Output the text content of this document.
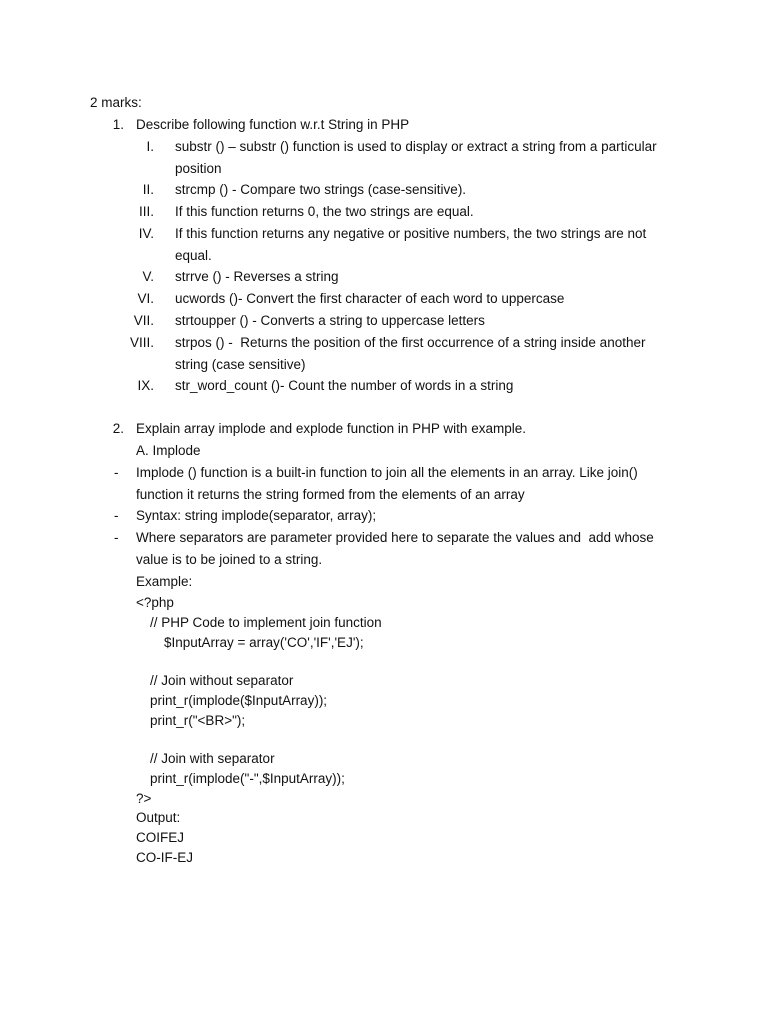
2 marks:
1. Describe following function w.r.t String in PHP
I. substr () – substr () function is used to display or extract a string from a particular
position
II. strcmp () - Compare two strings (case-sensitive).
III. If this function returns 0, the two strings are equal.
IV. If this function returns any negative or positive numbers, the two strings are not
equal.
V. strrve () - Reverses a string
VI. ucwords ()- Convert the first character of each word to uppercase
VII. strtoupper () - Converts a string to uppercase letters
VIII. strpos () -  Returns the position of the first occurrence of a string inside another
string (case sensitive)
IX. str_word_count ()- Count the number of words in a string
2. Explain array implode and explode function in PHP with example.
A. Implode
- Implode () function is a built-in function to join all the elements in an array. Like join()
function it returns the string formed from the elements of an array
- Syntax: string implode(separator, array);
- Where separators are parameter provided here to separate the values and  add whose
value is to be joined to a string.
Example:
<?php
// PHP Code to implement join function
$InputArray = array('CO','IF','EJ');
// Join without separator
print_r(implode($InputArray));
print_r("<BR>");
// Join with separator
print_r(implode("-",$InputArray));
?>
Output:
COIFEJ
CO-IF-EJ
